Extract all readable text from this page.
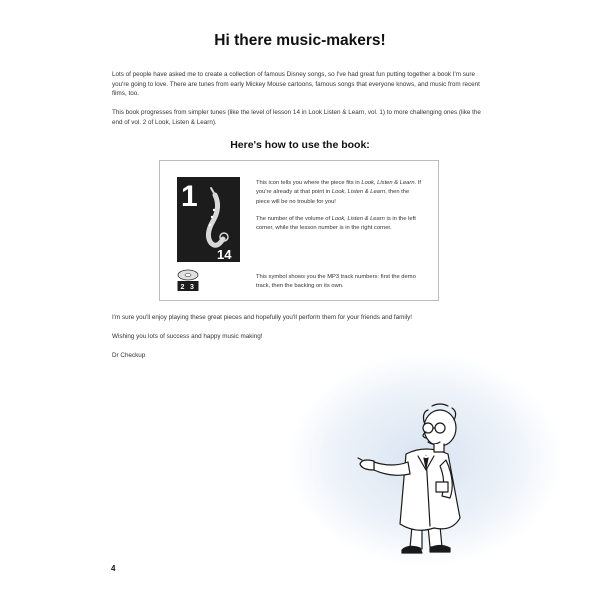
Hi there music-makers!

Lots of people have asked me to create a collection of famous Disney songs, so I've had great fun putting together a book I'm sure you're going to love. There are tunes from early Mickey Mouse cartoons, famous songs that everyone knows, and music from recent films, too.

This book progresses from simpler tunes (like the level of lesson 14 in Look Listen & Learn, vol. 1) to more challenging ones (like the end of vol. 2 of Look, Listen & Learn).

Here's how to use the book:
1
14

This icon tells you where the piece fits in Look, Listen & Learn. If you're already at that point in Look, Listen & Learn, then the piece will be no trouble for you!

The number of the volume of Look, Listen & Learn is in the left corner, while the lesson number is in the right corner.

2 3

This symbol shows you the MP3 track numbers: first the demo track, then the backing on its own.

I'm sure you'll enjoy playing these great pieces and hopefully you'll perform them for your friends and family!

Wishing you lots of success and happy music making!

Dr Checkup

4
